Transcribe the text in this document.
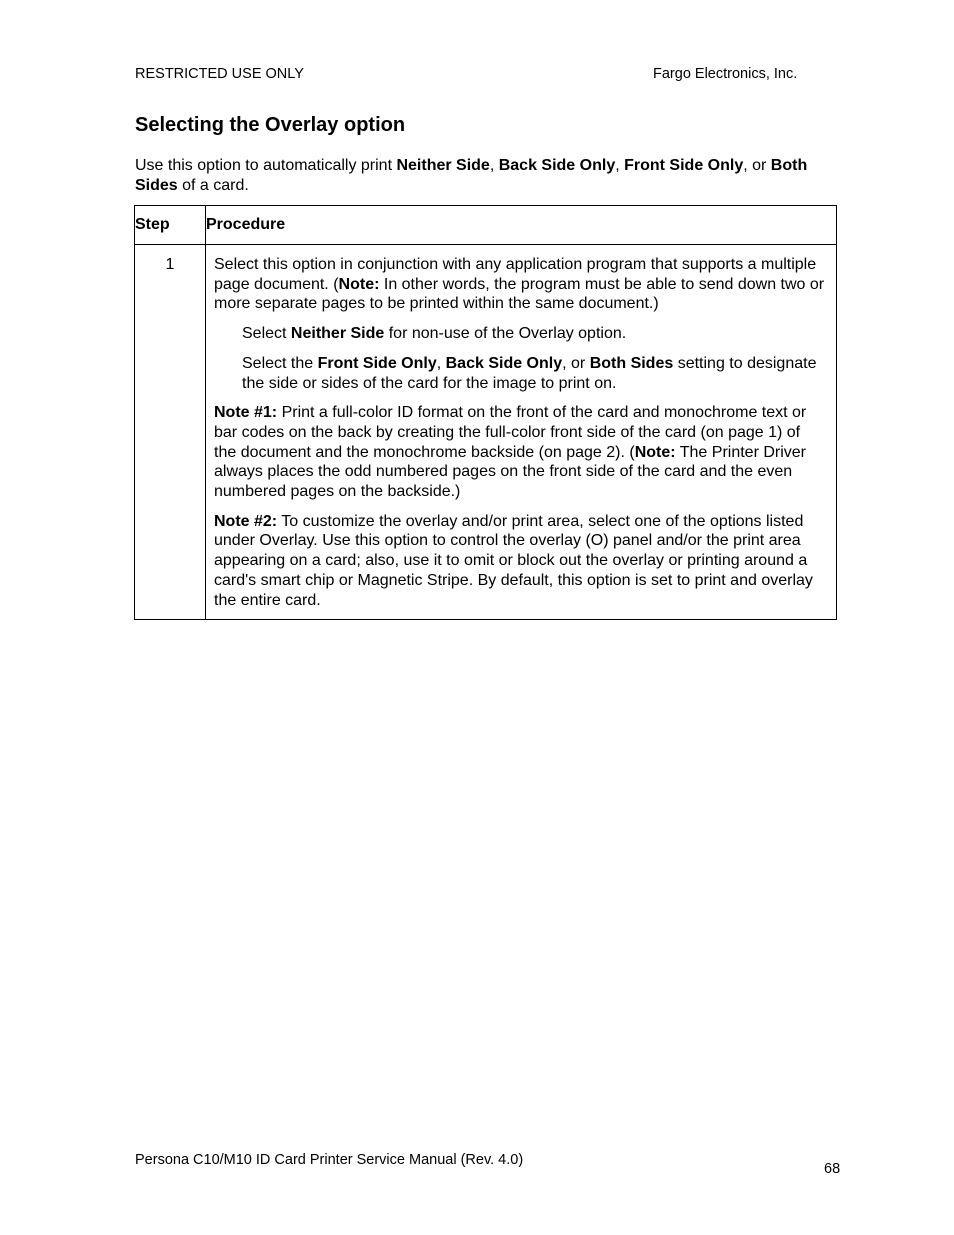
RESTRICTED USE ONLY	Fargo Electronics, Inc.
Selecting the Overlay option

Use this option to automatically print Neither Side, Back Side Only, Front Side Only, or Both Sides of a card.

Step	Procedure
1	Select this option in conjunction with any application program that supports a multiple page document. (Note: In other words, the program must be able to send down two or more separate pages to be printed within the same document.)

Select Neither Side for non-use of the Overlay option.

Select the Front Side Only, Back Side Only, or Both Sides setting to designate the side or sides of the card for the image to print on.

Note #1: Print a full-color ID format on the front of the card and monochrome text or bar codes on the back by creating the full-color front side of the card (on page 1) of the document and the monochrome backside (on page 2). (Note: The Printer Driver always places the odd numbered pages on the front side of the card and the even numbered pages on the backside.)

Note #2: To customize the overlay and/or print area, select one of the options listed under Overlay. Use this option to control the overlay (O) panel and/or the print area appearing on a card; also, use it to omit or block out the overlay or printing around a card's smart chip or Magnetic Stripe. By default, this option is set to print and overlay the entire card.

Persona C10/M10 ID Card Printer Service Manual (Rev. 4.0)
68
